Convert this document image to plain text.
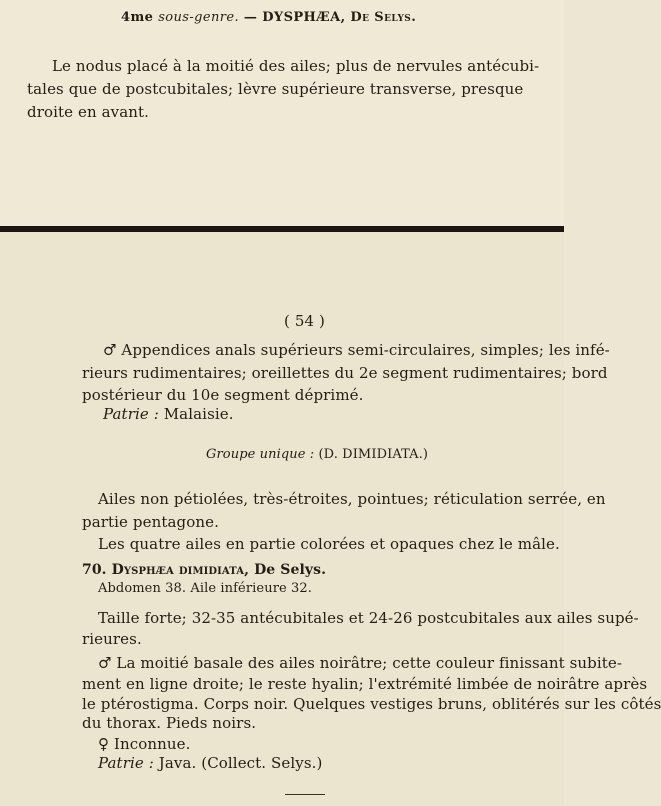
4me sous-genre. — DYSPHÆA, De Selys.
Le nodus placé à la moitié des ailes; plus de nervules antécubi-
tales que de postcubitales; lèvre supérieure transverse, presque
droite en avant.
( 54 )
♂ Appendices anals supérieurs semi-circulaires, simples; les infé-
rieurs rudimentaires; oreillettes du 2e segment rudimentaires; bord
postérieur du 10e segment déprimé.
Patrie : Malaisie.
Groupe unique : (D. DIMIDIATA.)
Ailes non pétiolées, très-étroites, pointues; réticulation serrée, en
partie pentagone.
Les quatre ailes en partie colorées et opaques chez le mâle.
70. Dysphæa dimidiata, De Selys.
Abdomen 38. Aile inférieure 32.
Taille forte; 32-35 antécubitales et 24-26 postcubitales aux ailes supé-
rieures.
♂ La moitié basale des ailes noirâtre; cette couleur finissant subite-
ment en ligne droite; le reste hyalin; l'extrémité limbée de noirâtre après
le ptérostigma. Corps noir. Quelques vestiges bruns, oblitérés sur les côtés
du thorax. Pieds noirs.
♀ Inconnue.
Patrie : Java. (Collect. Selys.)
